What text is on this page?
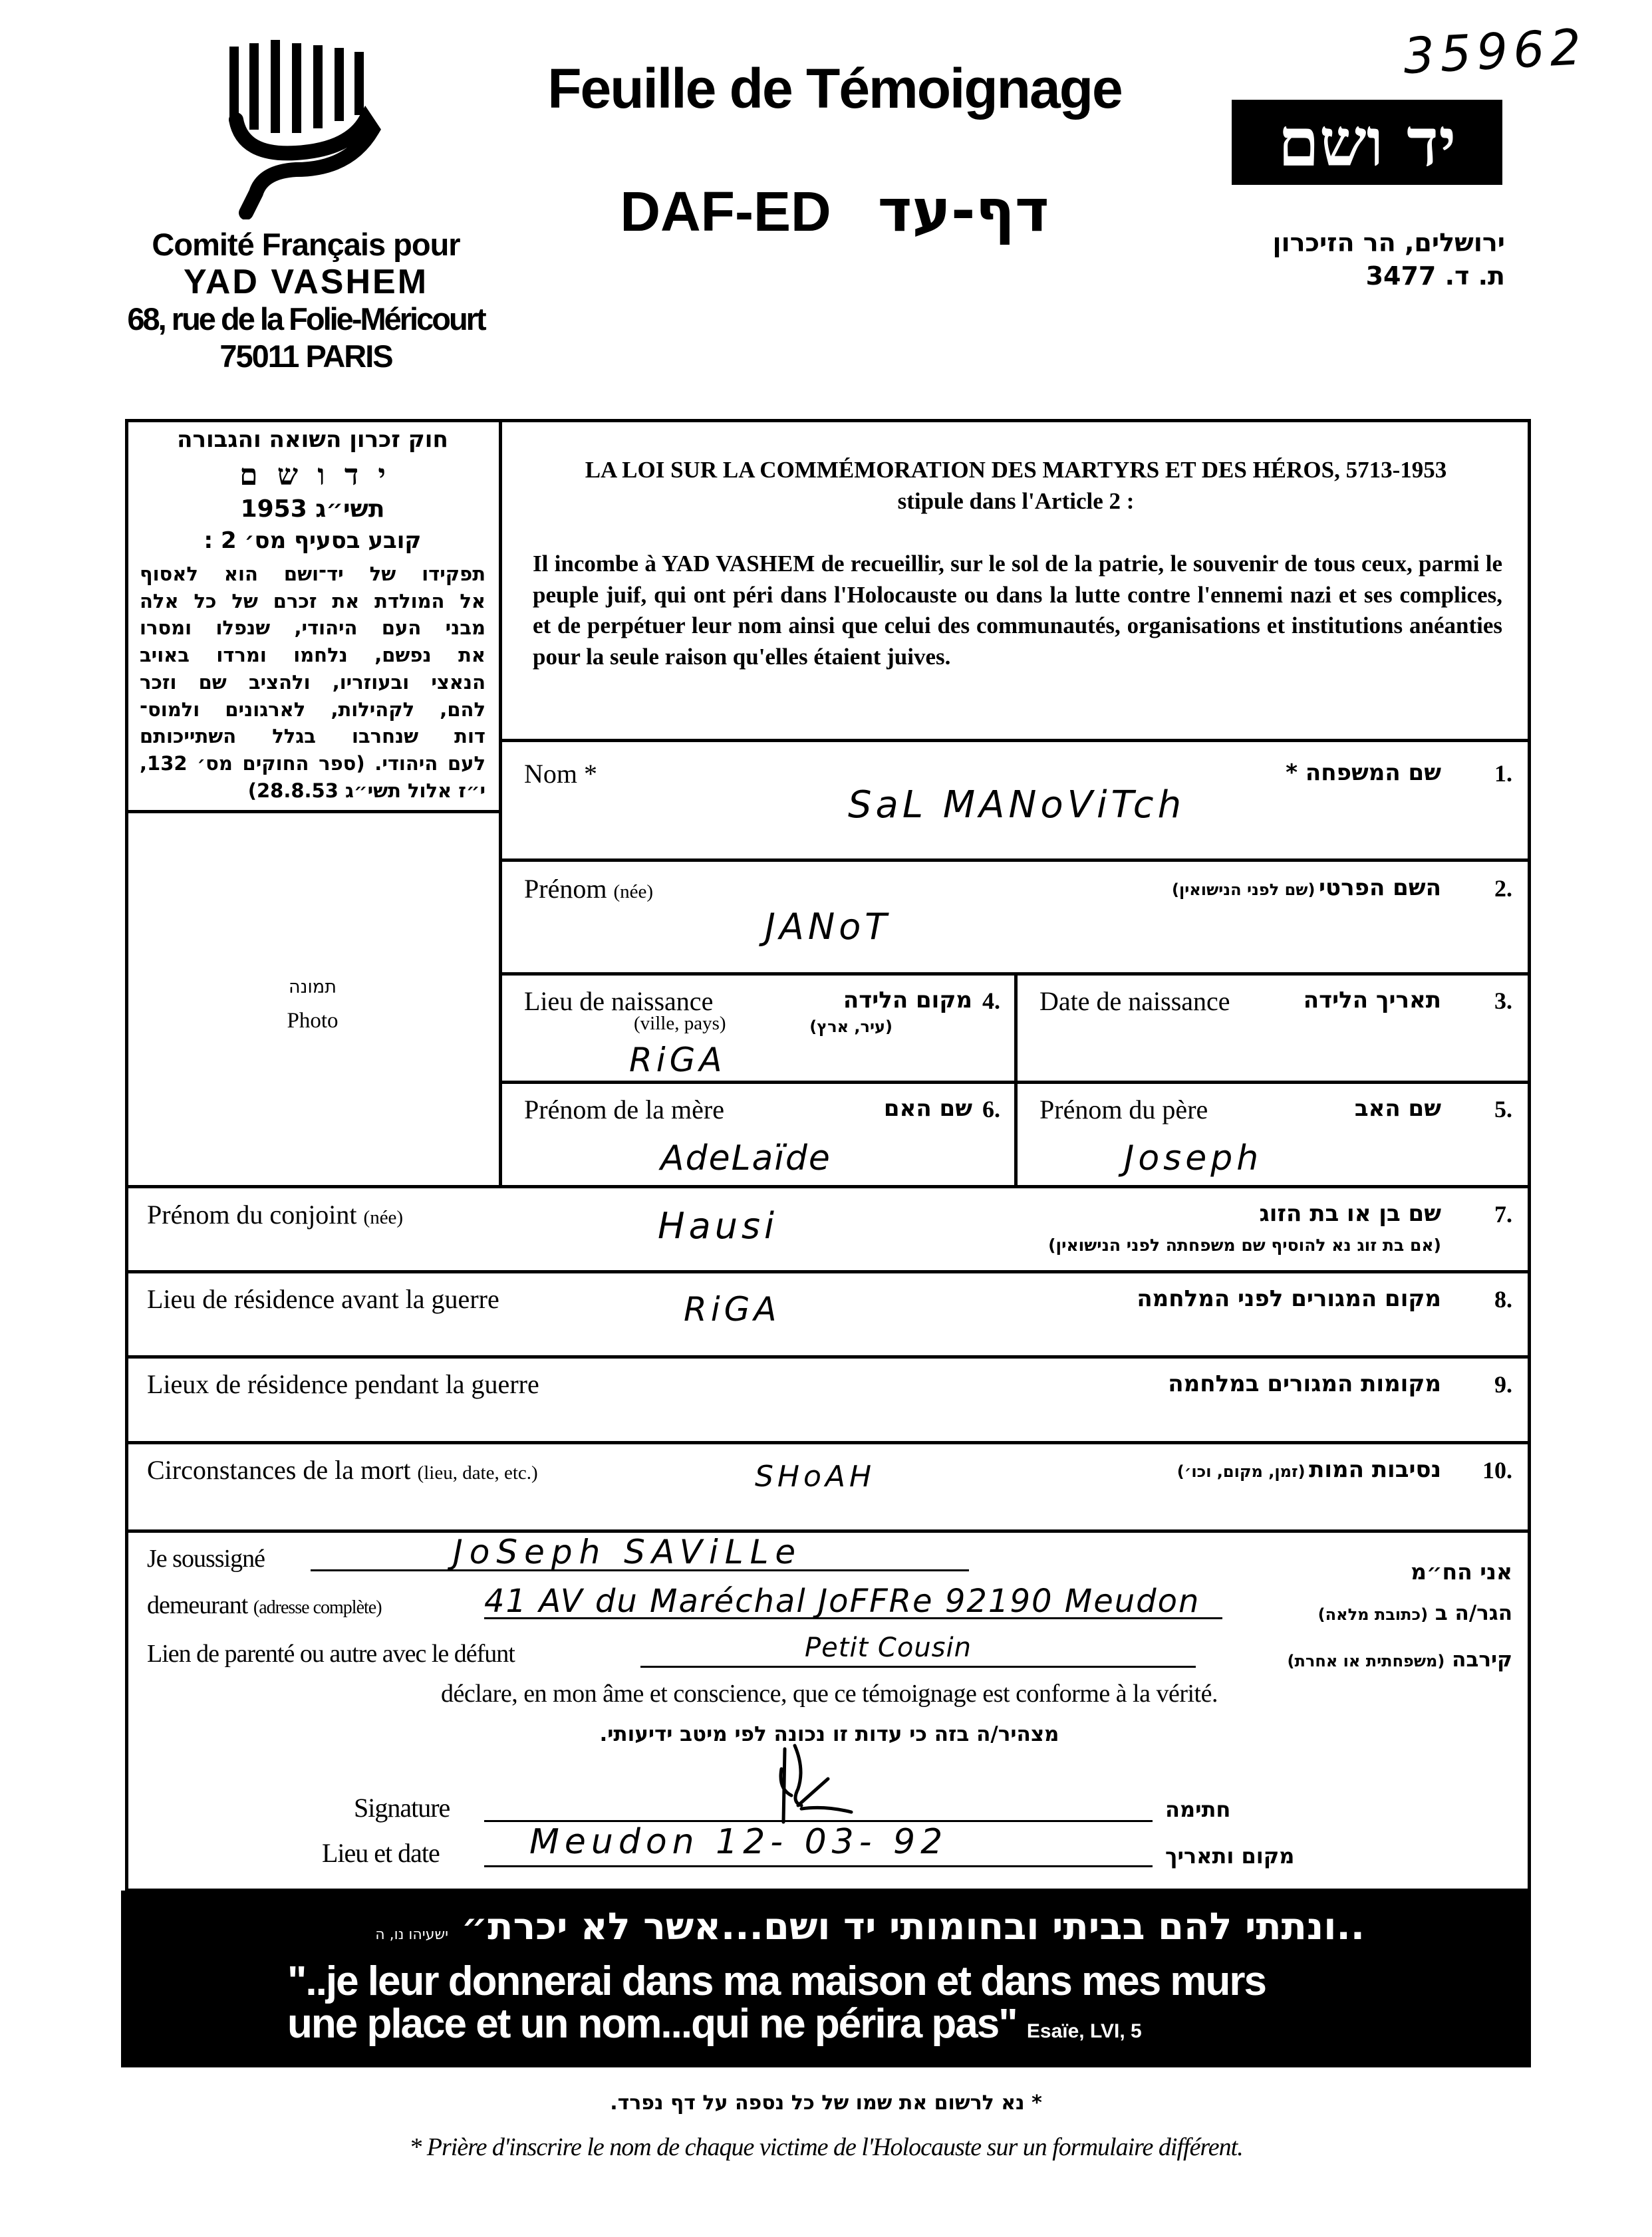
Comité Français pour
YAD VASHEM
68, rue de la Folie-Méricourt
75011 PARIS
Feuille de Témoignage
DAF-ED דף-עד
35962
יד ושם
ירושלים, הר הזיכרון
ת. ד. 3477
חוק זכרון השואה והגבורה
י ד ו ש ם
תשי״ג 1953
קובע בסעיף מס׳ 2 :
תפקידו של יד־ושם הוא לאסוף
אל המולדת את זכרם של כל אלה
מבני העם היהודי, שנפלו ומסרו
את נפשם, נלחמו ומרדו באויב
הנאצי ובעוזריו, ולהציב שם וזכר
להם, לקהילות, לארגונים ולמוס־
דות שנחרבו בגלל השתייכותם
לעם היהודי. (ספר החוקים מס׳ 132,
י״ז אלול תשי״ג 28.8.53)
תמונה
Photo
LA LOI SUR LA COMMÉMORATION DES MARTYRS ET DES HÉROS, 5713-1953
stipule dans l'Article 2 :
Il incombe à YAD VASHEM de recueillir, sur le sol de la patrie, le souvenir de tous ceux, parmi le peuple juif, qui ont péri dans l'Holocauste ou dans la lutte contre l'ennemi nazi et ses complices, et de perpétuer leur nom ainsi que celui des communautés, organisations et institutions anéanties pour la seule raison qu'elles étaient juives.
Nom *	שם המשפחה * 1.
SaL MANoViTch
Prénom (née)	השם הפרטי (שם לפני הנישואין)	2.
JANoT
Lieu de naissance
(ville, pays)
מקום הלידה
(עיר, ארץ)
4.
RiGA
Date de naissance	תאריך הלידה 3.
Prénom de la mère	שם האם 6.
AdeLaïde
Prénom du père	שם האב 5.
Joseph
Prénom du conjoint (née)	שם בן או בת הזוג
(אם בת זוג נא להוסיף שם משפחתה לפני הנישואין)
7.
Hausi
Lieu de résidence avant la guerre	מקום המגורים לפני המלחמה 8.
RiGA
Lieux de résidence pendant la guerre	מקומות המגורים במלחמה 9.
Circonstances de la mort (lieu, date, etc.)	נסיבות המות (זמן, מקום, וכו׳)	10.
SHoAH
Je soussigné	JoSeph SAViLLe
אני הח״מ
demeurant (adresse complète)	41 AV du Maréchal JoFFRe 92190 Meudon	הגר/ה ב (כתובת מלאה)
Lien de parenté ou autre avec le défunt	Petit Cousin	קירבה (משפחתית או אחרת)
déclare, en mon âme et conscience, que ce témoignage est conforme à la vérité.
מצהיר/ה בזה כי עדות זו נכונה לפי מיטב ידיעותי.
Signature	חתימה
Lieu et date	Meudon 12- 03- 92	מקום ותאריך
..ונתתי להם בביתי ובחומותי יד ושם...אשר לא יכרת״ ישעיהו נו, ה
"..je leur donnerai dans ma maison et dans mes murs
une place et un nom...qui ne périra pas" Esaïe, LVI, 5
* נא לרשום את שמו של כל נספה על דף נפרד.
* Prière d'inscrire le nom de chaque victime de l'Holocauste sur un formulaire différent.
